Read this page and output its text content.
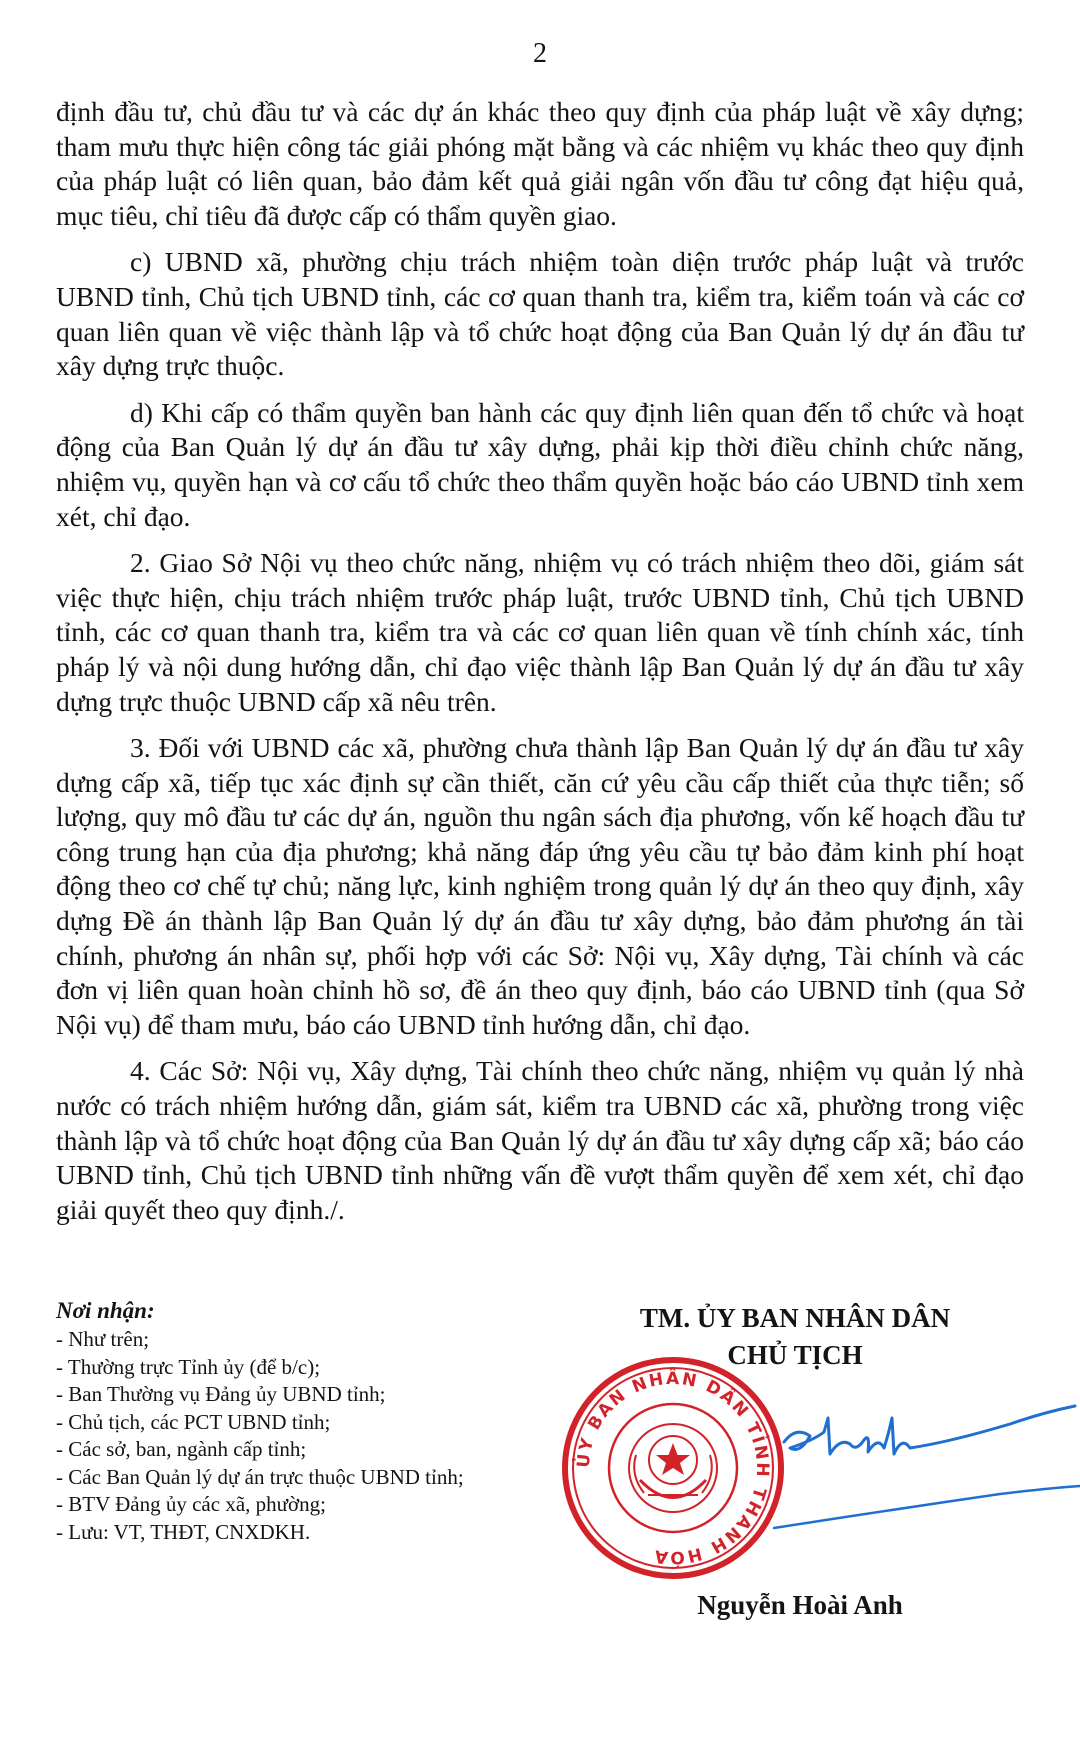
2

định đầu tư, chủ đầu tư và các dự án khác theo quy định của pháp luật về xây dựng; tham mưu thực hiện công tác giải phóng mặt bằng và các nhiệm vụ khác theo quy định của pháp luật có liên quan, bảo đảm kết quả giải ngân vốn đầu tư công đạt hiệu quả, mục tiêu, chỉ tiêu đã được cấp có thẩm quyền giao.

c) UBND xã, phường chịu trách nhiệm toàn diện trước pháp luật và trước UBND tỉnh, Chủ tịch UBND tỉnh, các cơ quan thanh tra, kiểm tra, kiểm toán và các cơ quan liên quan về việc thành lập và tổ chức hoạt động của Ban Quản lý dự án đầu tư xây dựng trực thuộc.

d) Khi cấp có thẩm quyền ban hành các quy định liên quan đến tổ chức và hoạt động của Ban Quản lý dự án đầu tư xây dựng, phải kịp thời điều chỉnh chức năng, nhiệm vụ, quyền hạn và cơ cấu tổ chức theo thẩm quyền hoặc báo cáo UBND tỉnh xem xét, chỉ đạo.

2. Giao Sở Nội vụ theo chức năng, nhiệm vụ có trách nhiệm theo dõi, giám sát việc thực hiện, chịu trách nhiệm trước pháp luật, trước UBND tỉnh, Chủ tịch UBND tỉnh, các cơ quan thanh tra, kiểm tra và các cơ quan liên quan về tính chính xác, tính pháp lý và nội dung hướng dẫn, chỉ đạo việc thành lập Ban Quản lý dự án đầu tư xây dựng trực thuộc UBND cấp xã nêu trên.

3. Đối với UBND các xã, phường chưa thành lập Ban Quản lý dự án đầu tư xây dựng cấp xã, tiếp tục xác định sự cần thiết, căn cứ yêu cầu cấp thiết của thực tiễn; số lượng, quy mô đầu tư các dự án, nguồn thu ngân sách địa phương, vốn kế hoạch đầu tư công trung hạn của địa phương; khả năng đáp ứng yêu cầu tự bảo đảm kinh phí hoạt động theo cơ chế tự chủ; năng lực, kinh nghiệm trong quản lý dự án theo quy định, xây dựng Đề án thành lập Ban Quản lý dự án đầu tư xây dựng, bảo đảm phương án tài chính, phương án nhân sự, phối hợp với các Sở: Nội vụ, Xây dựng, Tài chính và các đơn vị liên quan hoàn chỉnh hồ sơ, đề án theo quy định, báo cáo UBND tỉnh (qua Sở Nội vụ) để tham mưu, báo cáo UBND tỉnh hướng dẫn, chỉ đạo.

4. Các Sở: Nội vụ, Xây dựng, Tài chính theo chức năng, nhiệm vụ quản lý nhà nước có trách nhiệm hướng dẫn, giám sát, kiểm tra UBND các xã, phường trong việc thành lập và tổ chức hoạt động của Ban Quản lý dự án đầu tư xây dựng cấp xã; báo cáo UBND tỉnh, Chủ tịch UBND tỉnh những vấn đề vượt thẩm quyền để xem xét, chỉ đạo giải quyết theo quy định./.

Nơi nhận:
- Như trên;
- Thường trực Tỉnh ủy (để b/c);
- Ban Thường vụ Đảng ủy UBND tỉnh;
- Chủ tịch, các PCT UBND tỉnh;
- Các sở, ban, ngành cấp tỉnh;
- Các Ban Quản lý dự án trực thuộc UBND tỉnh;
- BTV Đảng ủy các xã, phường;
- Lưu: VT, THĐT, CNXDKH.
TM. ỦY BAN NHÂN DÂN
CHỦ TỊCH
ỦY BAN NHÂN DÂN TỈNH THANH HÓA
Nguyễn Hoài Anh
